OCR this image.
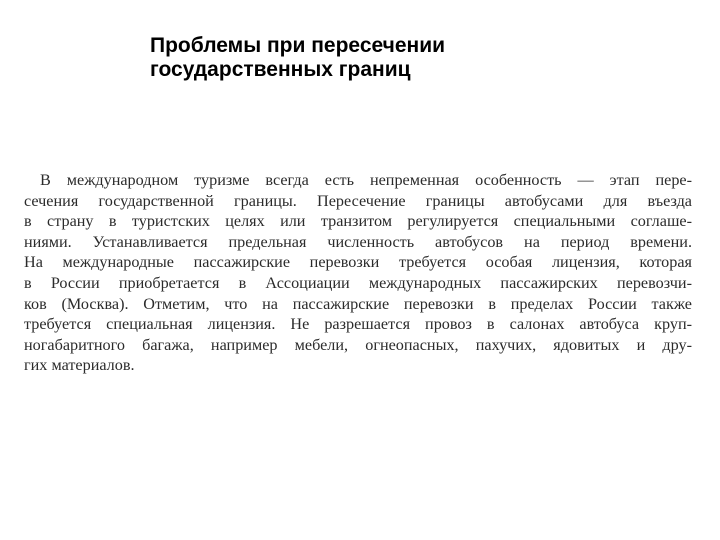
Проблемы при пересечении
государственных границ
В международном туризме всегда есть непременная особенность — этап пере-
сечения государственной границы. Пересечение границы автобусами для въезда
в страну в туристских целях или транзитом регулируется специальными соглаше-
ниями. Устанавливается предельная численность автобусов на период времени.
На международные пассажирские перевозки требуется особая лицензия, которая
в России приобретается в Ассоциации международных пассажирских перевозчи-
ков (Москва). Отметим, что на пассажирские перевозки в пределах России также
требуется специальная лицензия. Не разрешается провоз в салонах автобуса круп-
ногабаритного багажа, например мебели, огнеопасных, пахучих, ядовитых и дру-
гих материалов.
